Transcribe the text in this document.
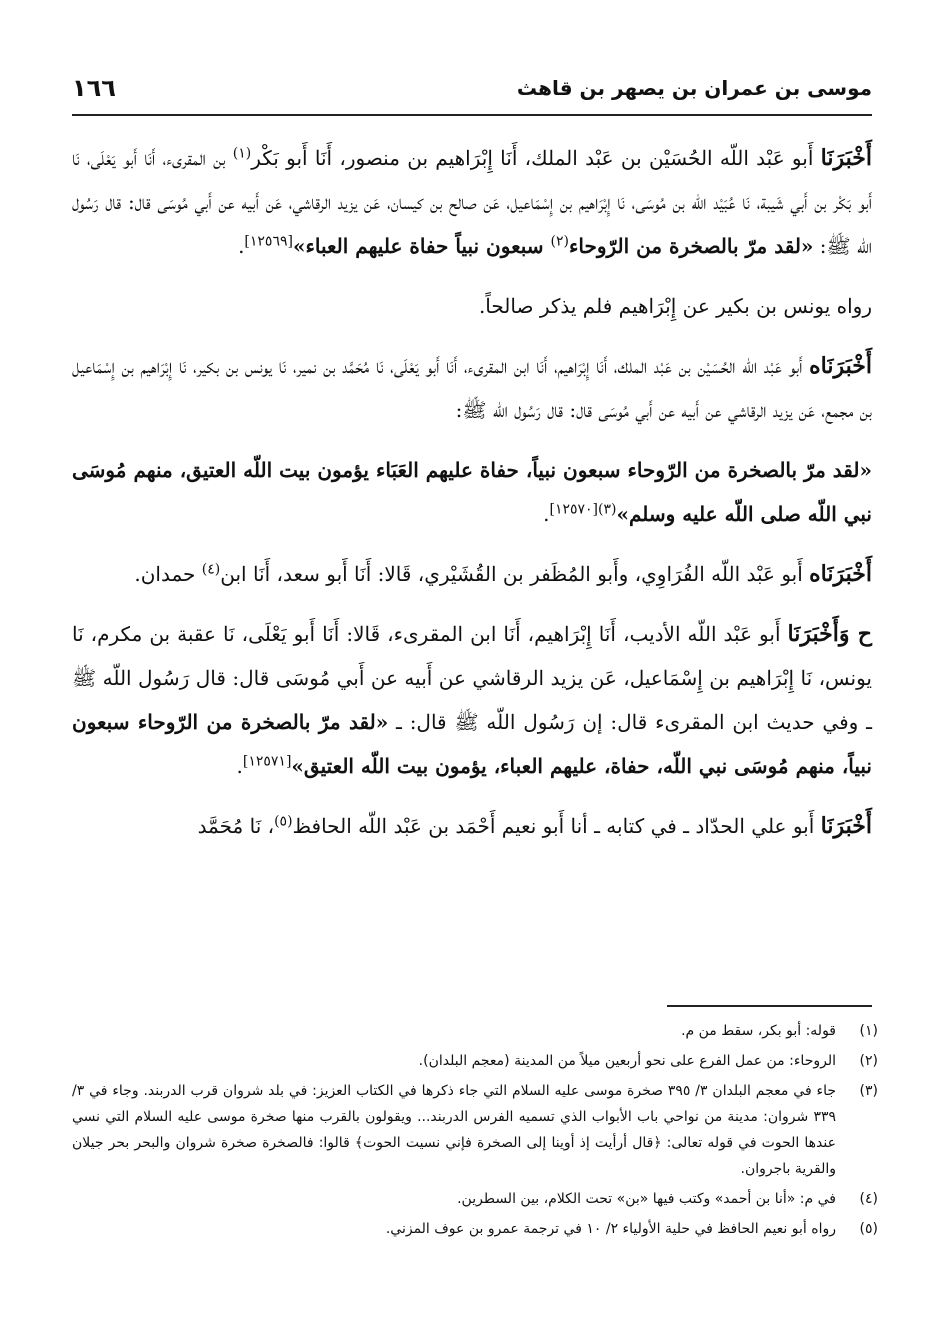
موسى بن عمران بن يصهر بن قاهث
١٦٦

أَخْبَرَنَا أَبو عَبْد اللّه الحُسَيْن بن عَبْد الملك، أَنَا إِبْرَاهيم بن منصور، أَنَا أَبو بَكْر$^{(١)}$ بن المقرىء، أَنَا أَبو يَعْلَى، نَا أَبو بَكْر بن أَبي شَيبة، نَا عُبَيْد اللّه بن مُوسَى، نَا إِبْرَاهيم بن إِسْمَاعيل، عَن صالح بن كيسان، عَن يزيد الرقاشي، عَن أَبيه عن أَبي مُوسَى قال: قال رَسُول اللّه ﷺ: «لقد مرّ بالصخرة من الرّوحاء$^{(٢)}$ سبعون نبياً حفاة عليهم العباء»[١٢٥٦٩].

رواه يونس بن بكير عن إِبْرَاهيم فلم يذكر صالحاً.

أَخْبَرَنَاه أَبو عَبْد اللّه الحُسَيْن بن عَبْد الملك، أَنَا إِبْرَاهيم، أَنَا ابن المقرىء، أَنَا أَبو يَعْلَى، نَا مُحَمَّد بن نمير، نَا يونس بن بكير، نَا إِبْرَاهيم بن إِسْمَاعيل بن مجمع، عَن يزيد الرقاشي عن أَبيه عن أَبي مُوسَى قال: قال رَسُول اللّه ﷺ:

«لقد مرّ بالصخرة من الرّوحاء سبعون نبياً، حفاة عليهم العَبَاء يؤمون بيت اللّه العتيق، منهم مُوسَى نبي اللّه صلى اللّه عليه وسلم»$^{(٣)[١٢٥٧٠]}$.

أَخْبَرَنَاه أَبو عَبْد اللّه الفُرَاوِي، وأَبو المُظَفر بن القُشَيْري، قَالا: أَنَا أَبو سعد، أَنَا ابن$^{(٤)}$ حمدان.

ح وَأَخْبَرَنَا أَبو عَبْد اللّه الأديب، أَنَا إِبْرَاهيم، أَنَا ابن المقرىء، قَالا: أَنَا أَبو يَعْلَى، نَا عقبة بن مكرم، نَا يونس، نَا إِبْرَاهيم بن إِسْمَاعيل، عَن يزيد الرقاشي عن أَبيه عن أَبي مُوسَى قال: قال رَسُول اللّه ﷺ ـ وفي حديث ابن المقرىء قال: إن رَسُول اللّه ﷺ قال: ـ «لقد مرّ بالصخرة من الرّوحاء سبعون نبياً، منهم مُوسَى نبي اللّه، حفاة، عليهم العباء، يؤمون بيت اللّه العتيق»[١٢٥٧١].

أَخْبَرَنَا أَبو علي الحدّاد ـ في كتابه ـ أنا أَبو نعيم أَحْمَد بن عَبْد اللّه الحافظ$^{(٥)}$، نَا مُحَمَّد

(١)
قوله: أبو بكر، سقط من م.
(٢)
الروحاء: من عمل الفرع على نحو أربعين ميلاً من المدينة (معجم البلدان).
(٣)
جاء في معجم البلدان ٣/ ٣٩٥ صخرة موسى عليه السلام التي جاء ذكرها في الكتاب العزيز: في بلد شروان قرب الدربند. وجاء في ٣/ ٣٣٩ شروان: مدينة من نواحي باب الأبواب الذي تسميه الفرس الدربند... ويقولون بالقرب منها صخرة موسى عليه السلام التي نسي عندها الحوت في قوله تعالى: ﴿قال أرأيت إذ أوينا إلى الصخرة فإني نسيت الحوت﴾ قالوا: فالصخرة صخرة شروان والبحر بحر جيلان والقرية باجروان.
(٤)
في م: «أنا بن أحمد» وكتب فيها «بن» تحت الكلام، بين السطرين.
(٥)
رواه أبو نعيم الحافظ في حلية الأولياء ٢/ ١٠ في ترجمة عمرو بن عوف المزني.
